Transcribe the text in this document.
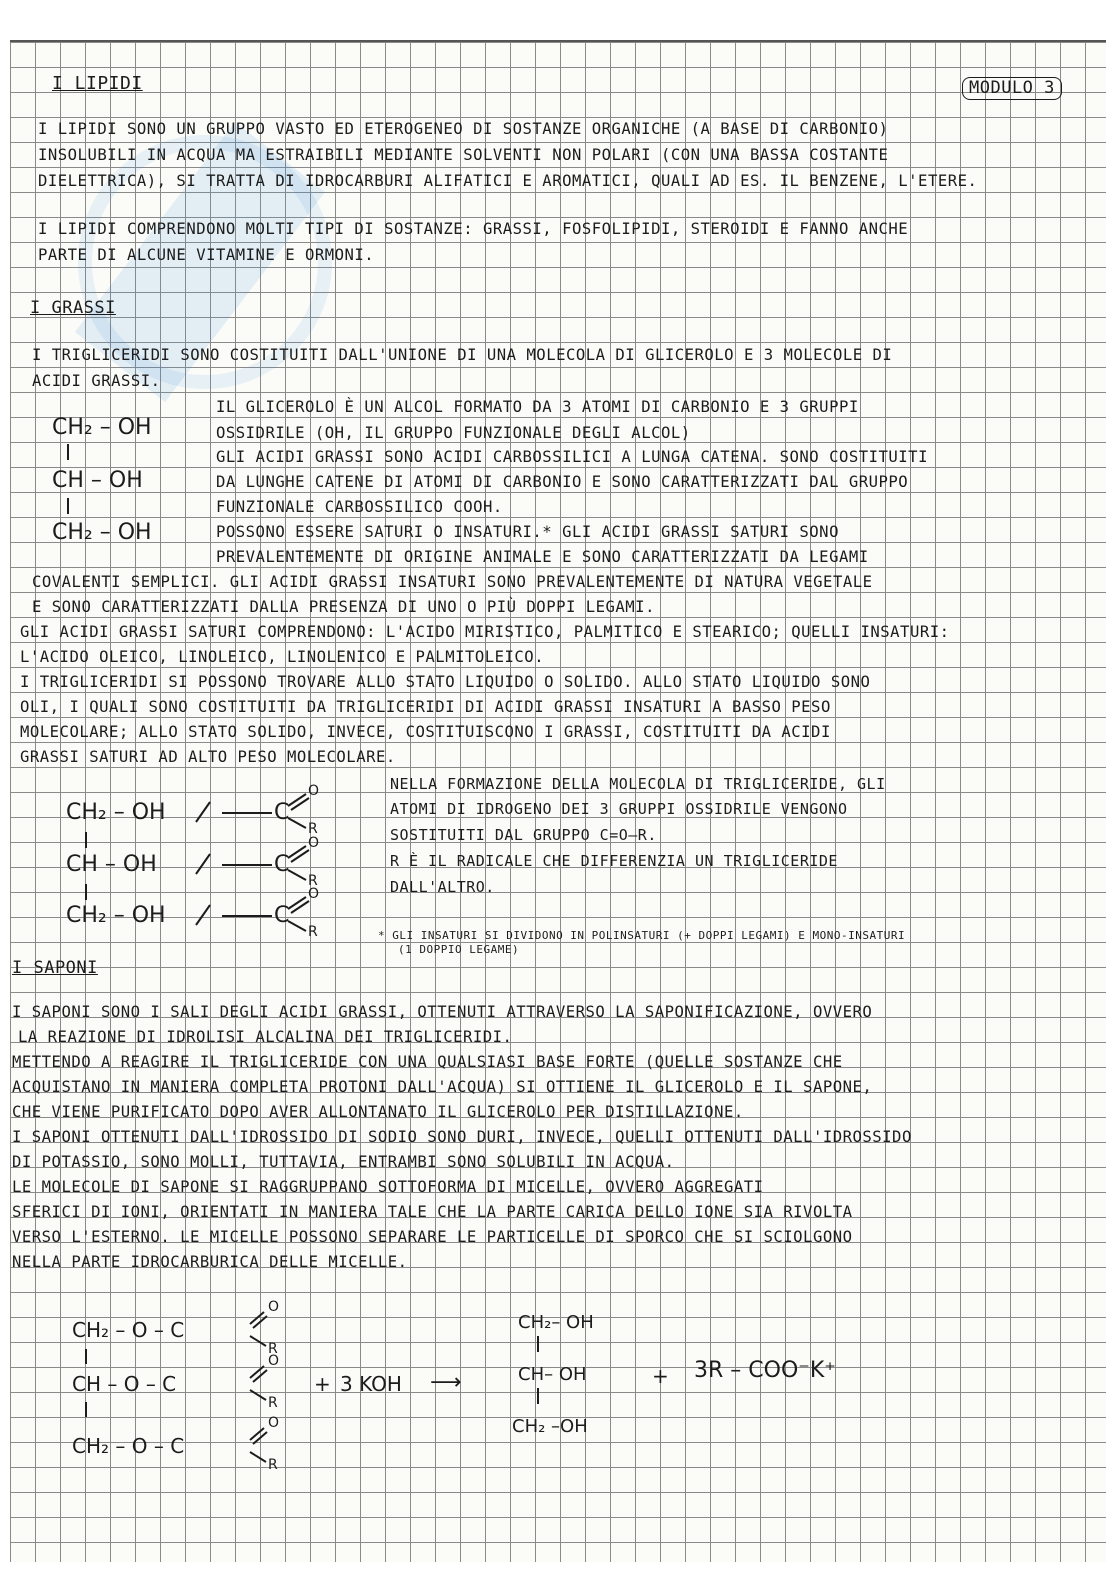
I LIPIDI	MODULO 3
I LIPIDI SONO UN GRUPPO VASTO ED ETEROGENEO DI SOSTANZE ORGANICHE (A BASE DI CARBONIO)
INSOLUBILI IN ACQUA MA ESTRAIBILI MEDIANTE SOLVENTI NON POLARI (CON UNA BASSA COSTANTE
DIELETTRICA), SI TRATTA DI IDROCARBURI ALIFATICI E AROMATICI, QUALI AD ES. IL BENZENE, L'ETERE.
I LIPIDI COMPRENDONO MOLTI TIPI DI SOSTANZE: GRASSI, FOSFOLIPIDI, STEROIDI E FANNO ANCHE
PARTE DI ALCUNE VITAMINE E ORMONI.
I GRASSI
I TRIGLICERIDI SONO COSTITUITI DALL'UNIONE DI UNA MOLECOLA DI GLICEROLO E 3 MOLECOLE DI
ACIDI GRASSI.
CH₂ – OH
CH – OH
CH₂ – OH
IL GLICEROLO È UN ALCOL FORMATO DA 3 ATOMI DI CARBONIO E 3 GRUPPI
OSSIDRILE (OH, IL GRUPPO FUNZIONALE DEGLI ALCOL)
GLI ACIDI GRASSI SONO ACIDI CARBOSSILICI A LUNGA CATENA. SONO COSTITUITI
DA LUNGHE CATENE DI ATOMI DI CARBONIO E SONO CARATTERIZZATI DAL GRUPPO
FUNZIONALE CARBOSSILICO COOH.
POSSONO ESSERE SATURI O INSATURI.* GLI ACIDI GRASSI SATURI SONO
PREVALENTEMENTE DI ORIGINE ANIMALE E SONO CARATTERIZZATI DA LEGAMI
COVALENTI SEMPLICI. GLI ACIDI GRASSI INSATURI SONO PREVALENTEMENTE DI NATURA VEGETALE
E SONO CARATTERIZZATI DALLA PRESENZA DI UNO O PIÙ DOPPI LEGAMI.
GLI ACIDI GRASSI SATURI COMPRENDONO: L'ACIDO MIRISTICO, PALMITICO E STEARICO; QUELLI INSATURI:
L'ACIDO OLEICO, LINOLEICO, LINOLENICO E PALMITOLEICO.
I TRIGLICERIDI SI POSSONO TROVARE ALLO STATO LIQUIDO O SOLIDO. ALLO STATO LIQUIDO SONO
OLI, I QUALI SONO COSTITUITI DA TRIGLICERIDI DI ACIDI GRASSI INSATURI A BASSO PESO
MOLECOLARE; ALLO STATO SOLIDO, INVECE, COSTITUISCONO I GRASSI, COSTITUITI DA ACIDI
GRASSI SATURI AD ALTO PESO MOLECOLARE.
CH₂ – OH
CH – OH
CH₂ – OH
C
C
C
O
R
O
R
O
R
NELLA FORMAZIONE DELLA MOLECOLA DI TRIGLICERIDE, GLI
ATOMI DI IDROGENO DEI 3 GRUPPI OSSIDRILE VENGONO
SOSTITUITI DAL GRUPPO C=O–R.
R È IL RADICALE CHE DIFFERENZIA UN TRIGLICERIDE
DALL'ALTRO.
* GLI INSATURI SI DIVIDONO IN POLINSATURI (+ DOPPI LEGAMI) E MONO-INSATURI
(1 DOPPIO LEGAME)
I SAPONI
I SAPONI SONO I SALI DEGLI ACIDI GRASSI, OTTENUTI ATTRAVERSO LA SAPONIFICAZIONE, OVVERO
LA REAZIONE DI IDROLISI ALCALINA DEI TRIGLICERIDI.
METTENDO A REAGIRE IL TRIGLICERIDE CON UNA QUALSIASI BASE FORTE (QUELLE SOSTANZE CHE
ACQUISTANO IN MANIERA COMPLETA PROTONI DALL'ACQUA) SI OTTIENE IL GLICEROLO E IL SAPONE,
CHE VIENE PURIFICATO DOPO AVER ALLONTANATO IL GLICEROLO PER DISTILLAZIONE.
I SAPONI OTTENUTI DALL'IDROSSIDO DI SODIO SONO DURI, INVECE, QUELLI OTTENUTI DALL'IDROSSIDO
DI POTASSIO, SONO MOLLI, TUTTAVIA, ENTRAMBI SONO SOLUBILI IN ACQUA.
LE MOLECOLE DI SAPONE SI RAGGRUPPANO SOTTOFORMA DI MICELLE, OVVERO AGGREGATI
SFERICI DI IONI, ORIENTATI IN MANIERA TALE CHE LA PARTE CARICA DELLO IONE SIA RIVOLTA
VERSO L'ESTERNO. LE MICELLE POSSONO SEPARARE LE PARTICELLE DI SPORCO CHE SI SCIOLGONO
NELLA PARTE IDROCARBURICA DELLE MICELLE.
CH₂ – O – C
CH – O – C
CH₂ – O – C
O
R
O
R
O
R
+ 3 KOH ⟶
CH₂– OH
CH– OH
CH₂ –OH
+ 3R – COO⁻K⁺
